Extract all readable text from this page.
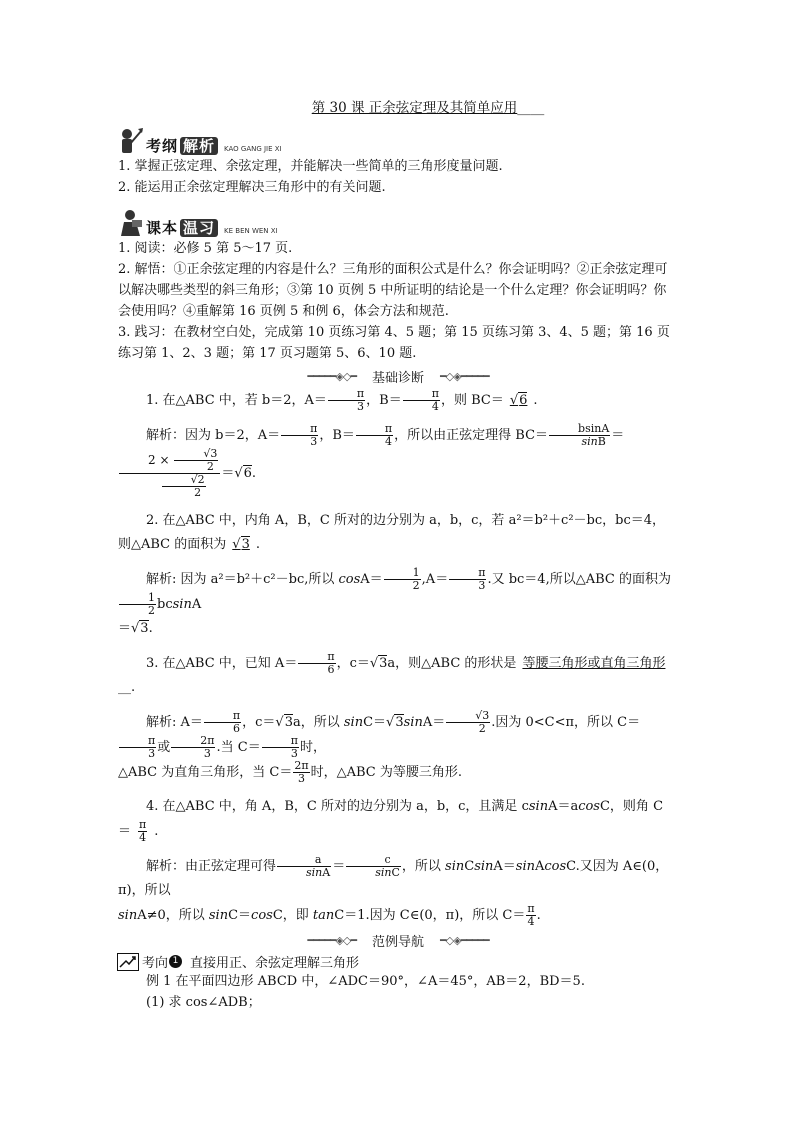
第 30 课 正余弦定理及其简单应用____
考纲 解析	KAO GANG JIE XI

1. 掌握正弦定理、余弦定理，并能解决一些简单的三角形度量问题.

2. 能运用正余弦定理解决三角形中的有关问题.

课本 温习	KE BEN WEN XI

1. 阅读：必修 5 第 5～17 页.

2. 解悟：①正余弦定理的内容是什么？三角形的面积公式是什么？你会证明吗？②正余弦定理可以解决哪些类型的斜三角形；③第 10 页例 5 中所证明的结论是一个什么定理？你会证明吗？你会使用吗？④重解第 16 页例 5 和例 6，体会方法和规范.

3. 践习：在教材空白处，完成第 10 页练习第 4、5 题；第 15 页练习第 3、4、5 题；第 16 页练习第 1、2、3 题；第 17 页习题第 5、6、10 题.

━━━━━◈◇━ 基础诊断 ━◇◈━━━━━
1. 在△ABC 中，若 b＝2，$A= \frac{\pi}{3}$ ，$B= \frac{\pi}{4}$ ，则 BC＝ √6 .
解析：因为 b＝2，$A= \frac{\pi}{3}$ ，$B= \frac{\pi}{4}$ ，所以由正弦定理得 $BC= \frac{bsinA}{\sin B}$ ＝
$\frac{2 \times \frac{√3}{2}}{\frac{√2}{2}} =√6$.
2. 在△ABC 中，内角 A，B，C 所对的边分别为 a，b，c，若 a²＝b²＋c²－bc，bc＝4，
则△ABC 的面积为 √3 .
解析: 因为 a²＝b²＋c²－bc,所以 $\cos A= \frac{1}{2} ,A= \frac{\pi}{3}$ .又 bc＝4,所以△ABC 的面积为
$\frac{1}{2}$ bcsinA
＝√3.
3. 在△ABC 中，已知 $A= \frac{\pi}{6}$ ，c＝√3a，则△ABC 的形状是 等腰三角形或直角三角形
__.
解析: $A= \frac{\pi}{6}$ ，c＝√3a，所以 $\sin C=√3\sin A= \frac{√3}{2}$ .因为 0<C<π，所以 C＝
$\frac{\pi}{3}$ 或 $\frac{2\pi}{3}$ .当 $C= \frac{\pi}{3}$ 时，
△ABC 为直角三角形，当 $C= \frac{2\pi}{3}$ 时，△ABC 为等腰三角形.
4. 在△ABC 中，角 A，B，C 所对的边分别为 a，b，c，且满足 csinA＝acosC，则角 C
＝ $\frac{\pi}{4}$ .
解析：由正弦定理可得 $\frac{a}{\sin A} = \frac{c}{\sin C}$ ，所以 sinCsinA＝sinAcosC.又因为 A∈(0，π)，所以
sinA≠0，所以 sinC＝cosC，即 tanC＝1.因为 C∈(0，π)，所以 $C= \frac{\pi}{4}$ .
━━━━━◈◇━ 范例导航 ━◇◈━━━━━
考向 1 直接用正、余弦定理解三角形

例 1 在平面四边形 ABCD 中，∠ADC＝90°，∠A＝45°，AB＝2，BD＝5.

(1) 求 cos∠ADB；
